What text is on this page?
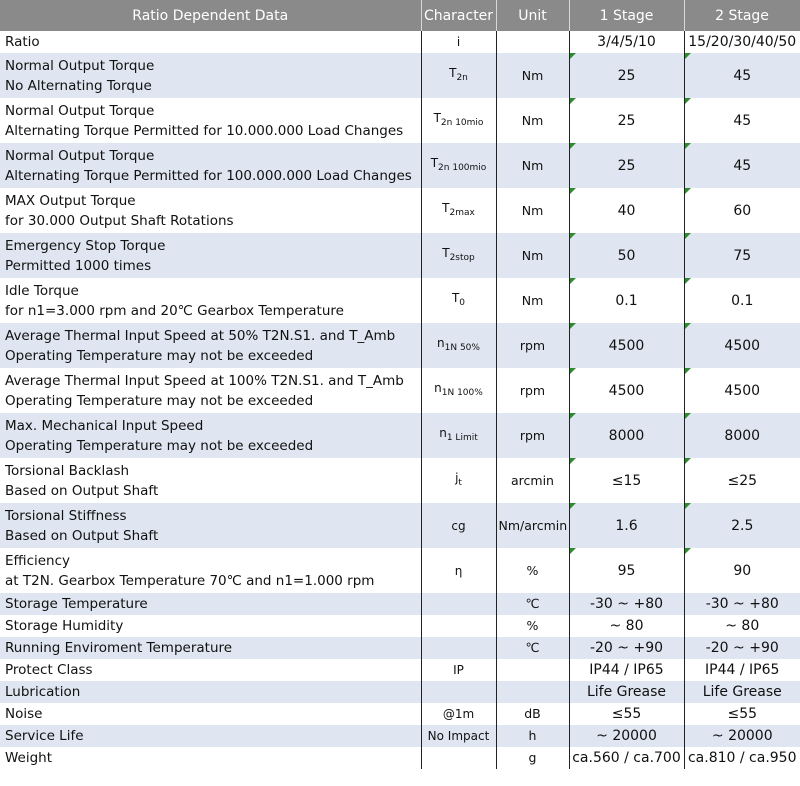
Ratio Dependent Data	Character	Unit	1 Stage	2 Stage

Ratio	i		3/4/5/10	15/20/30/40/50

Normal Output Torque
No Alternating Torque	$T_{2n}$	Nm	25	45

Normal Output Torque
Alternating Torque Permitted for 10.000.000 Load Changes	$T_{2n 10mio}$	Nm	25	45

Normal Output Torque
Alternating Torque Permitted for 100.000.000 Load Changes	$T_{2n 100mio}$	Nm	25	45

MAX Output Torque
for 30.000 Output Shaft Rotations	$T_{2max}$	Nm	40	60

Emergency Stop Torque
Permitted 1000 times	$T_{2stop}$	Nm	50	75

Idle Torque
for n1=3.000 rpm and 20℃ Gearbox Temperature	$T_0$	Nm	0.1	0.1

Average Thermal Input Speed at 50% T2N.S1. and T_Amb
Operating Temperature may not be exceeded	$n_{1N 50\%}$	rpm	4500	4500

Average Thermal Input Speed at 100% T2N.S1. and T_Amb
Operating Temperature may not be exceeded	$n_{1N 100\%}$	rpm	4500	4500

Max. Mechanical Input Speed
Operating Temperature may not be exceeded	$n_{1 Limit}$	rpm	8000	8000

Torsional Backlash
Based on Output Shaft	$j_t$	arcmin	≤15	≤25

Torsional Stiffness
Based on Output Shaft	cg	Nm/arcmin	1.6	2.5

Efficiency
at T2N. Gearbox Temperature 70℃ and n1=1.000 rpm	η	%	95	90

Storage Temperature		℃	-30 ~ +80	-30 ~ +80

Storage Humidity		%	~ 80	~ 80

Running Enviroment Temperature		℃	-20 ~ +90	-20 ~ +90

Protect Class	IP		IP44 / IP65	IP44 / IP65

Lubrication			Life Grease	Life Grease

Noise	@1m	dB	≤55	≤55

Service Life	No Impact	h	~ 20000	~ 20000

Weight		g	ca.560 / ca.700	ca.810 / ca.950
